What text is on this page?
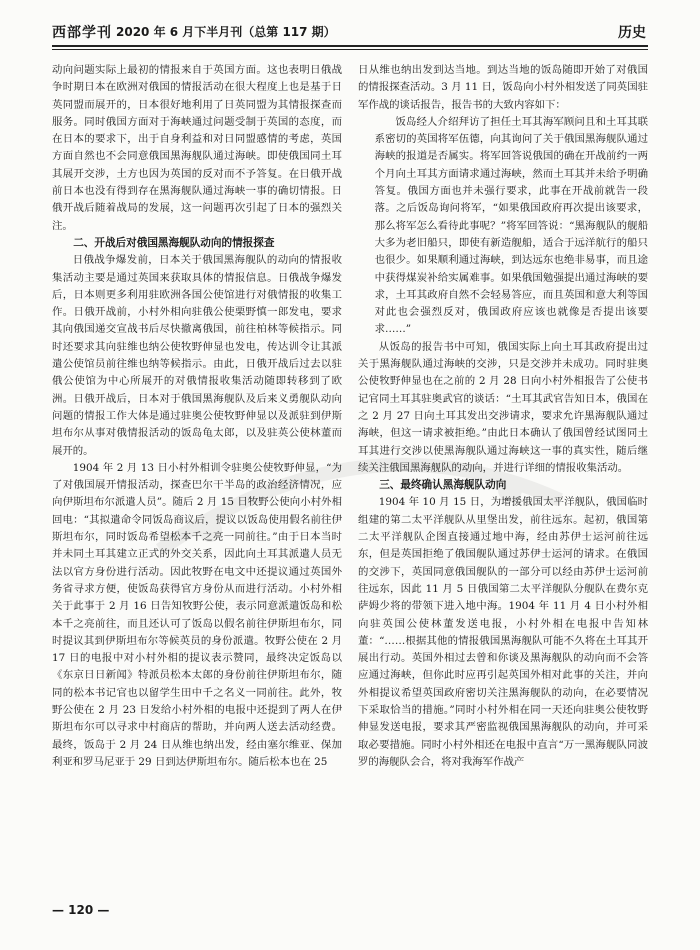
西部学刊 2020 年 6 月下半月刊（总第 117 期）	历史

动向问题实际上最初的情报来自于英国方面。这也表明日俄战争时期日本在欧洲对俄国的情报活动在很大程度上也是基于日英同盟而展开的，日本很好地利用了日英同盟为其情报探查而服务。同时俄国方面对于海峡通过问题受制于英国的态度，而在日本的要求下，出于自身利益和对日同盟感情的考虑，英国方面自然也不会同意俄国黑海舰队通过海峡。即使俄国同土耳其展开交涉，土方也因为英国的反对而不予答复。在日俄开战前日本也没有得到存在黑海舰队通过海峡一事的确切情报。日俄开战后随着战局的发展，这一问题再次引起了日本的强烈关注。

二、开战后对俄国黑海舰队动向的情报探查

日俄战争爆发前，日本关于俄国黑海舰队的动向的情报收集活动主要是通过英国来获取具体的情报信息。日俄战争爆发后，日本则更多利用驻欧洲各国公使馆进行对俄情报的收集工作。日俄开战前，小村外相向驻俄公使栗野慎一郎发电，要求其向俄国递交宣战书后尽快撤离俄国，前往柏林等候指示。同时还要求其向驻维也纳公使牧野伸显也发电，传达训令让其派遣公使馆员前往维也纳等候指示。由此，日俄开战后过去以驻俄公使馆为中心所展开的对俄情报收集活动随即转移到了欧洲。日俄开战后，日本对于俄国黑海舰队及后来义勇舰队动向问题的情报工作大体是通过驻奥公使牧野伸显以及派驻到伊斯坦布尔从事对俄情报活动的饭岛龟太郎，以及驻英公使林董而展开的。

1904 年 2 月 13 日小村外相训令驻奥公使牧野伸显，“为了对俄国展开情报活动，探查巴尔干半岛的政治经济情况，应向伊斯坦布尔派遣人员”。随后 2 月 15 日牧野公使向小村外相回电：“其拟遣命令同饭岛商议后，提议以饭岛使用假名前往伊斯坦布尔，同时饭岛希望松本千之亮一同前往。”由于日本当时并未同土耳其建立正式的外交关系，因此向土耳其派遣人员无法以官方身份进行活动。因此牧野在电文中还提议通过英国外务省寻求方便，使饭岛获得官方身份从而进行活动。小村外相关于此事于 2 月 16 日告知牧野公使，表示同意派遣饭岛和松本千之亮前往，而且还认可了饭岛以假名前往伊斯坦布尔，同时提议其到伊斯坦布尔等候英员的身份派遣。牧野公使在 2 月 17 日的电报中对小村外相的提议表示赞同，最终决定饭岛以《东京日日新闻》特派员松本太郎的身份前往伊斯坦布尔，随同的松本书记官也以留学生田中千之名义一同前往。此外，牧野公使在 2 月 23 日发给小村外相的电报中还提到了两人在伊斯坦布尔可以寻求中村商店的帮助，并向两人送去活动经费。最终，饭岛于 2 月 24 日从维也纳出发，经由塞尔维亚、保加利亚和罗马尼亚于 29 日到达伊斯坦布尔。随后松本也在 25

日从维也纳出发到达当地。到达当地的饭岛随即开始了对俄国的情报探查活动。3 月 11 日，饭岛向小村外相发送了同英国驻军作战的谈话报告，报告书的大致内容如下：

饭岛经人介绍拜访了担任土耳其海军顾问且和土耳其联系密切的英国将军伍德，向其询问了关于俄国黑海舰队通过海峡的报道是否属实。将军回答说俄国的确在开战前约一两个月向土耳其方面请求通过海峡，然而土耳其并未给予明确答复。俄国方面也并未强行要求，此事在开战前就告一段落。之后饭岛询问将军，“如果俄国政府再次提出该要求，那么将军怎么看待此事呢？”将军回答说：“黑海舰队的舰船大多为老旧船只，即使有新造舰船，适合于远洋航行的船只也很少。如果顺利通过海峡，到达远东也绝非易事，而且途中获得煤炭补给实属难事。如果俄国勉强提出通过海峡的要求，土耳其政府自然不会轻易答应，而且英国和意大利等国对此也会强烈反对，俄国政府应该也就像是否提出该要求……”

从饭岛的报告书中可知，俄国实际上向土耳其政府提出过关于黑海舰队通过海峡的交涉，只是交涉并未成功。同时驻奥公使牧野伸显也在之前的 2 月 28 日向小村外相报告了公使书记官同土耳其驻奥武官的谈话：“土耳其武官告知日本，俄国在之 2 月 27 日向土耳其发出交涉请求，要求允许黑海舰队通过海峡，但这一请求被拒绝。”由此日本确认了俄国曾经试图同土耳其进行交涉以使黑海舰队通过海峡这一事的真实性，随后继续关注俄国黑海舰队的动向，并进行详细的情报收集活动。

三、最终确认黑海舰队动向

1904 年 10 月 15 日，为增援俄国太平洋舰队，俄国临时组建的第二太平洋舰队从里堡出发，前往远东。起初，俄国第二太平洋舰队企图直接通过地中海，经由苏伊士运河前往远东，但是英国拒绝了俄国舰队通过苏伊士运河的请求。在俄国的交涉下，英国同意俄国舰队的一部分可以经由苏伊士运河前往远东，因此 11 月 5 日俄国第二太平洋舰队分舰队在费尔克萨姆少将的带领下进入地中海。1904 年 11 月 4 日小村外相向驻英国公使林董发送电报，小村外相在电报中告知林董：“……根据其他的情报俄国黑海舰队可能不久将在土耳其开展出行动。英国外相过去曾和你谈及黑海舰队的动向而不会答应通过海峡，但你此时应再引起英国外相对此事的关注，并向外相提议希望英国政府密切关注黑海舰队的动向，在必要情况下采取恰当的措施。”同时小村外相在同一天还向驻奥公使牧野伸显发送电报，要求其严密监视俄国黑海舰队的动向，并可采取必要措施。同时小村外相还在电报中直言“万一黑海舰队同波罗的海舰队会合，将对我海军作战产

— 120 —
